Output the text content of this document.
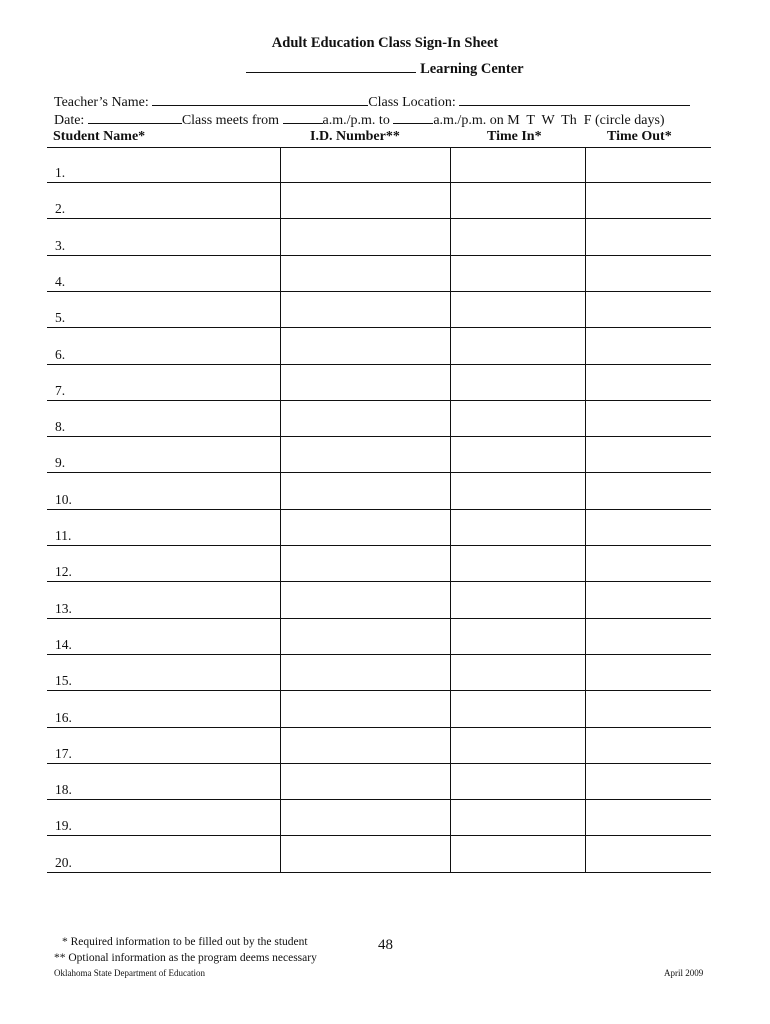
Adult Education Class Sign-In Sheet
Learning Center
Teacher’s Name:	Class Location:
Date:	Class meets from	a.m./p.m. to	a.m./p.m. on M  T  W  Th  F (circle days)
Student Name*	I.D. Number**	Time In*	Time Out*
1.
2.
3.
4.
5.
6.
7.
8.
9.
10.
11.
12.
13.
14.
15.
16.
17.
18.
19.
20.
* Required information to be filled out by the student
** Optional information as the program deems necessary
Oklahoma State Department of Education
48
April 2009
